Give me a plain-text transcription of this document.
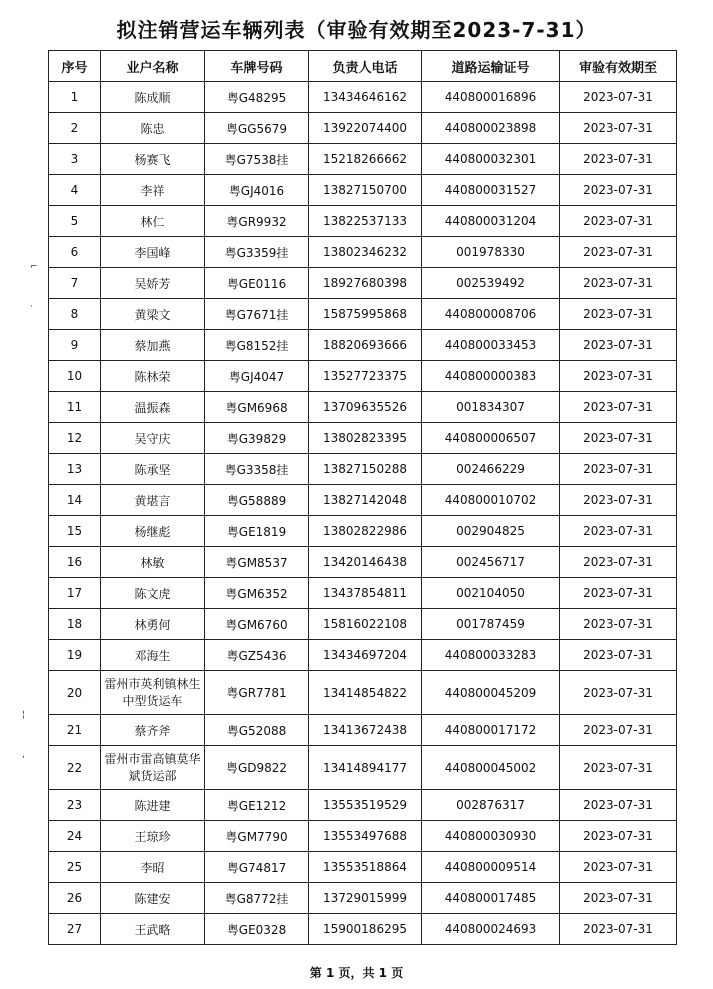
拟注销营运车辆列表（审验有效期至2023-7-31）
序号	业户名称	车牌号码	负责人电话	道路运输证号	审验有效期至
1	陈成顺	粤G48295	13434646162	440800016896	2023-07-31
2	陈忠	粤GG5679	13922074400	440800023898	2023-07-31
3	杨赛飞	粤G7538挂	15218266662	440800032301	2023-07-31
4	李祥	粤GJ4016	13827150700	440800031527	2023-07-31
5	林仁	粤GR9932	13822537133	440800031204	2023-07-31
6	李国峰	粤G3359挂	13802346232	001978330	2023-07-31
7	吴娇芳	粤GE0116	18927680398	002539492	2023-07-31
8	黄梁文	粤G7671挂	15875995868	440800008706	2023-07-31
9	蔡加燕	粤G8152挂	18820693666	440800033453	2023-07-31
10	陈林荣	粤GJ4047	13527723375	440800000383	2023-07-31
11	温振森	粤GM6968	13709635526	001834307	2023-07-31
12	吴守庆	粤G39829	13802823395	440800006507	2023-07-31
13	陈承坚	粤G3358挂	13827150288	002466229	2023-07-31
14	黄堪言	粤G58889	13827142048	440800010702	2023-07-31
15	杨继彪	粤GE1819	13802822986	002904825	2023-07-31
16	林敏	粤GM8537	13420146438	002456717	2023-07-31
17	陈文虎	粤GM6352	13437854811	002104050	2023-07-31
18	林勇何	粤GM6760	15816022108	001787459	2023-07-31
19	邓海生	粤GZ5436	13434697204	440800033283	2023-07-31
20	雷州市英利镇林生中型货运车	粤GR7781	13414854822	440800045209	2023-07-31
21	蔡齐斧	粤G52088	13413672438	440800017172	2023-07-31
22	雷州市雷高镇莫华斌货运部	粤GD9822	13414894177	440800045002	2023-07-31
23	陈进建	粤GE1212	13553519529	002876317	2023-07-31
24	王琼珍	粤GM7790	13553497688	440800030930	2023-07-31
25	李昭	粤G74817	13553518864	440800009514	2023-07-31
26	陈建安	粤G8772挂	13729015999	440800017485	2023-07-31
27	王武略	粤GE0328	15900186295	440800024693	2023-07-31
⌐
·
¦
,
第 1 页，共 1 页
